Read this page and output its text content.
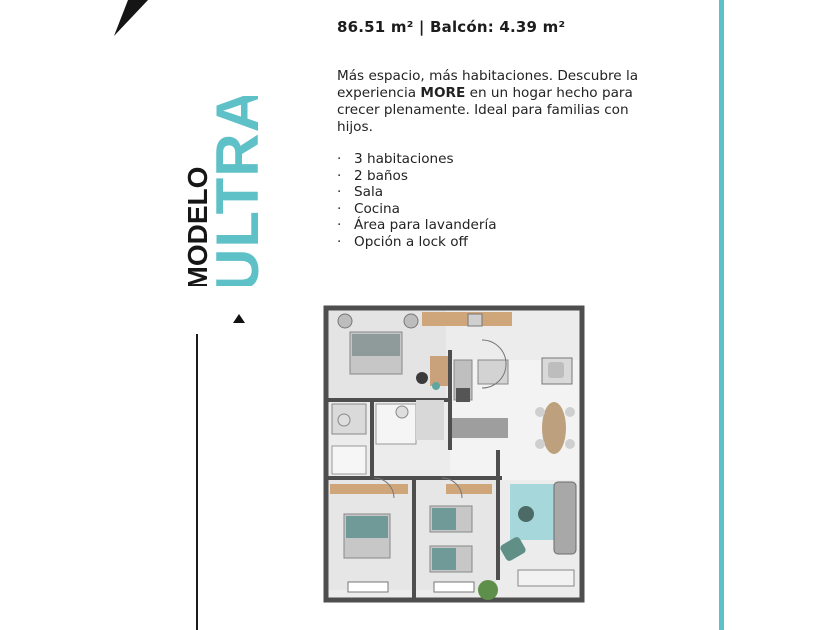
MODELO
ULTRA
86.51 m² | Balcón: 4.39 m²
Más espacio, más habitaciones. Descubre la experiencia MORE en un hogar hecho para crecer plenamente. Ideal para familias con hijos.
· 3 habitaciones
· 2 baños
· Sala
· Cocina
· Área para lavandería
· Opción a lock off
